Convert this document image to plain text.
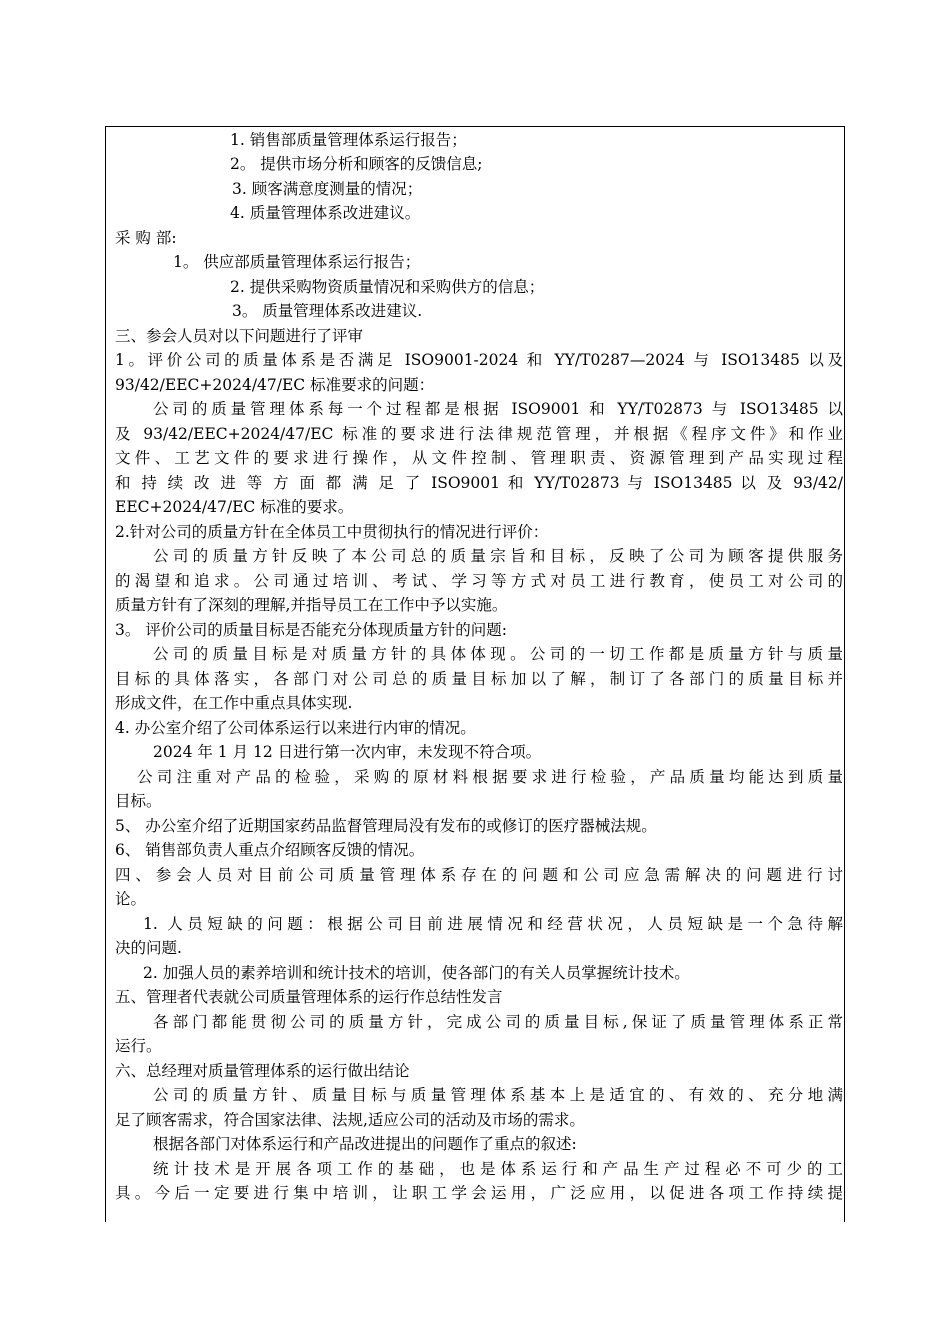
1. 销售部质量管理体系运行报告；
2。 提供市场分析和顾客的反馈信息;
3. 顾客满意度测量的情况；
4. 质量管理体系改进建议。
采 购 部:
1。 供应部质量管理体系运行报告；
2. 提供采购物资质量情况和采购供方的信息；
3。 质量管理体系改进建议.
三、参会人员对以下问题进行了评审
1。评价公司的质量体系是否满足 ISO9001-2024 和 YY/T0287—2024 与 ISO13485 以及
93/42/EEC+2024/47/EC 标准要求的问题：
公司的质量管理体系每一个过程都是根据 ISO9001 和 YY/T02873 与 ISO13485 以
及 93/42/EEC+2024/47/EC 标准的要求进行法律规范管理，并根据《程序文件》和作业
文件、工艺文件的要求进行操作，从文件控制、管理职责、资源管理到产品实现过程
和 持 续 改 进 等 方 面 都 满 足 了 ISO9001 和 YY/T02873 与 ISO13485 以 及 93/42/
EEC+2024/47/EC 标准的要求。
2.针对公司的质量方针在全体员工中贯彻执行的情况进行评价：
公司的质量方针反映了本公司总的质量宗旨和目标，反映了公司为顾客提供服务
的渴望和追求。公司通过培训、考试、学习等方式对员工进行教育，使员工对公司的
质量方针有了深刻的理解,并指导员工在工作中予以实施。
3。 评价公司的质量目标是否能充分体现质量方针的问题:
公司的质量目标是对质量方针的具体体现。公司的一切工作都是质量方针与质量
目标的具体落实，各部门对公司总的质量目标加以了解，制订了各部门的质量目标并
形成文件，在工作中重点具体实现.
4. 办公室介绍了公司体系运行以来进行内审的情况。
2024 年 1 月 12 日进行第一次内审，未发现不符合项。
公司注重对产品的检验，采购的原材料根据要求进行检验，产品质量均能达到质量
目标。
5、 办公室介绍了近期国家药品监督管理局没有发布的或修订的医疗器械法规。
6、 销售部负责人重点介绍顾客反馈的情况。
四、参会人员对目前公司质量管理体系存在的问题和公司应急需解决的问题进行讨
论。
1. 人员短缺的问题：根据公司目前进展情况和经营状况，人员短缺是一个急待解
决的问题.
2. 加强人员的素养培训和统计技术的培训，使各部门的有关人员掌握统计技术。
五、管理者代表就公司质量管理体系的运行作总结性发言
各部门都能贯彻公司的质量方针，完成公司的质量目标,保证了质量管理体系正常
运行。
六、总经理对质量管理体系的运行做出结论
公司的质量方针、质量目标与质量管理体系基本上是适宜的、有效的、充分地满
足了顾客需求，符合国家法律、法规,适应公司的活动及市场的需求。
根据各部门对体系运行和产品改进提出的问题作了重点的叙述:
统计技术是开展各项工作的基础，也是体系运行和产品生产过程必不可少的工
具。今后一定要进行集中培训，让职工学会运用，广泛应用，以促进各项工作持续提
